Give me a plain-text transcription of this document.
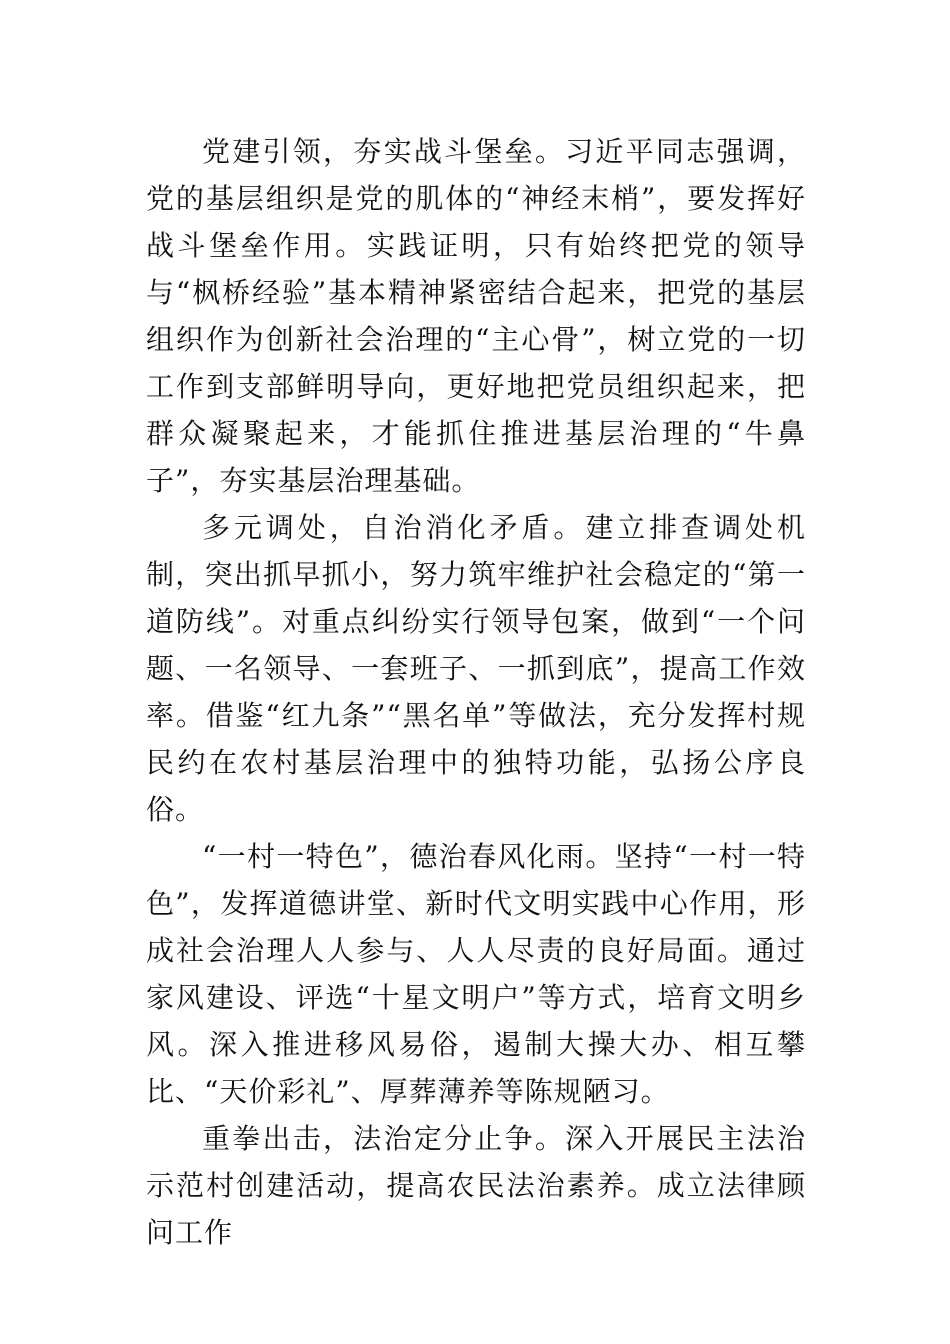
党建引领，夯实战斗堡垒。习近平同志强调，党的基层组织是党的肌体的“神经末梢”，要发挥好战斗堡垒作用。实践证明，只有始终把党的领导与“枫桥经验”基本精神紧密结合起来，把党的基层组织作为创新社会治理的“主心骨”，树立党的一切工作到支部鲜明导向，更好地把党员组织起来，把群众凝聚起来，才能抓住推进基层治理的“牛鼻子”，夯实基层治理基础。

多元调处，自治消化矛盾。建立排查调处机制，突出抓早抓小，努力筑牢维护社会稳定的“第一道防线”。对重点纠纷实行领导包案，做到“一个问题、一名领导、一套班子、一抓到底”，提高工作效率。借鉴“红九条”“黑名单”等做法，充分发挥村规民约在农村基层治理中的独特功能，弘扬公序良俗。

“一村一特色”，德治春风化雨。坚持“一村一特色”，发挥道德讲堂、新时代文明实践中心作用，形成社会治理人人参与、人人尽责的良好局面。通过家风建设、评选“十星文明户”等方式，培育文明乡风。深入推进移风易俗，遏制大操大办、相互攀比、“天价彩礼”、厚葬薄养等陈规陋习。

重拳出击，法治定分止争。深入开展民主法治示范村创建活动，提高农民法治素养。成立法律顾问工作
